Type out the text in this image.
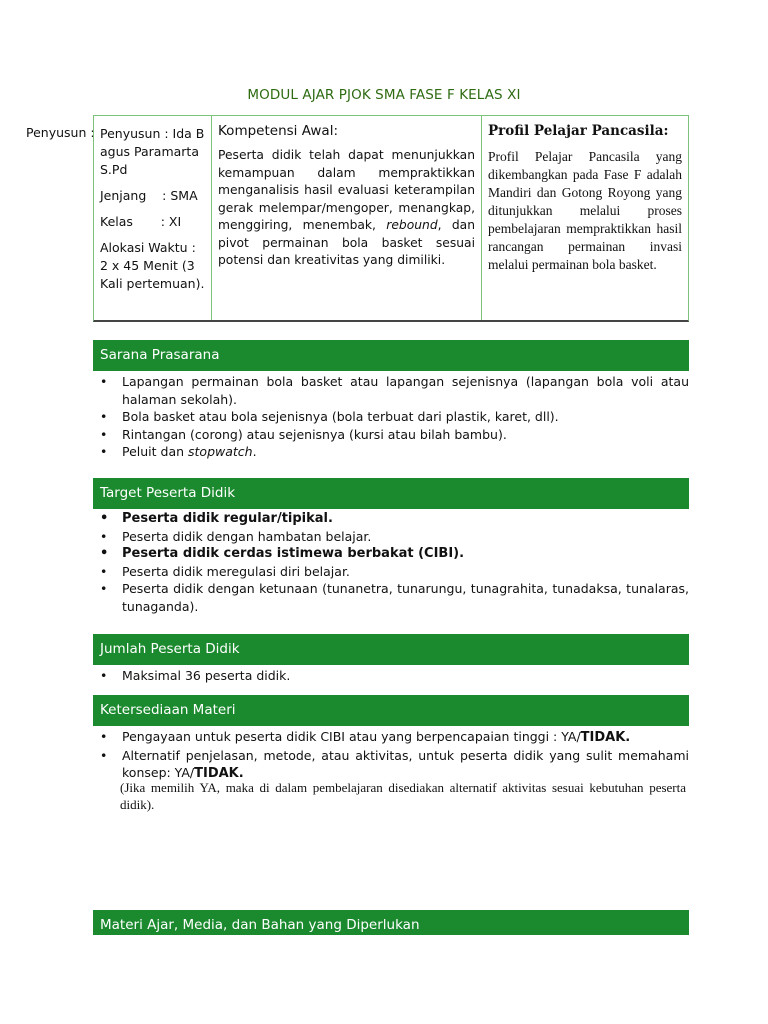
MODUL AJAR PJOK SMA FASE F KELAS XI
Penyusun : Penyusun : Ida B agus Paramarta S.Pd

Jenjang    : SMA

Kelas       : XI

Alokasi Waktu : 2 x 45 Menit (3 Kali pertemuan).

Kompetensi Awal:

Peserta didik telah dapat menunjukkan kemampuan dalam mempraktikkan menganalisis hasil evaluasi keterampilan gerak melempar/mengoper, menangkap, menggiring, menembak, rebound, dan pivot permainan bola basket sesuai potensi dan kreativitas yang dimiliki.

Profil Pelajar Pancasila:

Profil Pelajar Pancasila yang dikembangkan pada Fase F adalah Mandiri dan Gotong Royong yang ditunjukkan melalui proses pembelajaran mempraktikkan hasil rancangan permainan invasi melalui permainan bola basket.

Sarana Prasarana
• Lapangan permainan bola basket atau lapangan sejenisnya (lapangan bola voli atau halaman sekolah).
• Bola basket atau bola sejenisnya (bola terbuat dari plastik, karet, dll).
• Rintangan (corong) atau sejenisnya (kursi atau bilah bambu).
• Peluit dan stopwatch.
Target Peserta Didik
• Peserta didik regular/tipikal.
• Peserta didik dengan hambatan belajar.
• Peserta didik cerdas istimewa berbakat (CIBI).
• Peserta didik meregulasi diri belajar.
• Peserta didik dengan ketunaan (tunanetra, tunarungu, tunagrahita, tunadaksa, tunalaras, tunaganda).
Jumlah Peserta Didik
• Maksimal 36 peserta didik.
Ketersediaan Materi
• Pengayaan untuk peserta didik CIBI atau yang berpencapaian tinggi : YA/TIDAK.
• Alternatif penjelasan, metode, atau aktivitas, untuk peserta didik yang sulit memahami konsep: YA/TIDAK.
(Jika memilih YA, maka di dalam pembelajaran disediakan alternatif aktivitas sesuai kebutuhan peserta didik).
Materi Ajar, Media, dan Bahan yang Diperlukan
